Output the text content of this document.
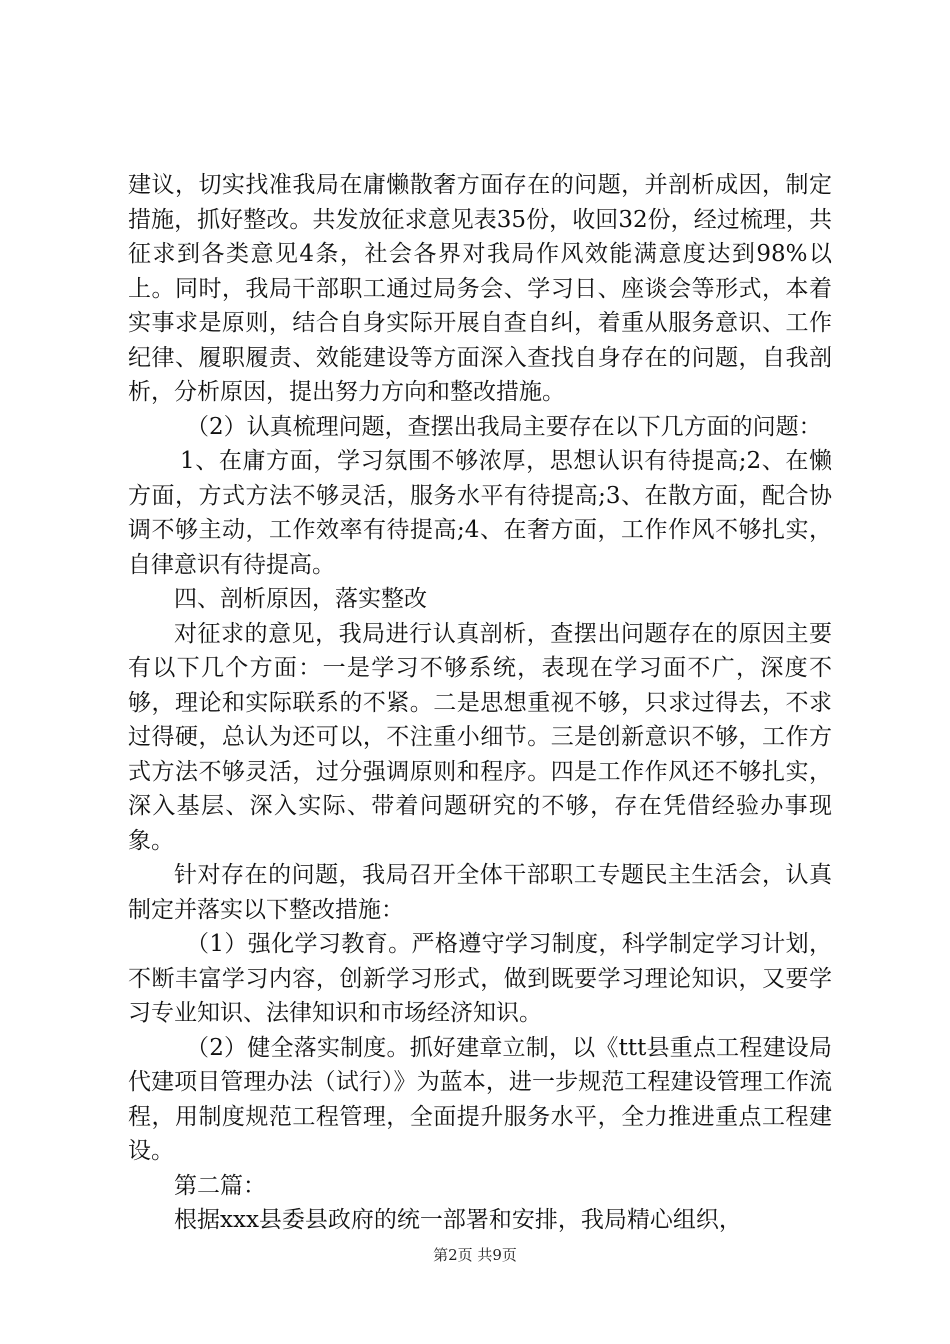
建议，切实找准我局在庸懒散奢方面存在的问题，并剖析成因，制定措施，抓好整改。共发放征求意见表35份，收回32份，经过梳理，共征求到各类意见4条，社会各界对我局作风效能满意度达到98%以上。同时，我局干部职工通过局务会、学习日、座谈会等形式，本着实事求是原则，结合自身实际开展自查自纠，着重从服务意识、工作纪律、履职履责、效能建设等方面深入查找自身存在的问题，自我剖析，分析原因，提出努力方向和整改措施。

（2）认真梳理问题，查摆出我局主要存在以下几方面的问题：

1、在庸方面，学习氛围不够浓厚，思想认识有待提高;2、在懒方面，方式方法不够灵活，服务水平有待提高;3、在散方面，配合协调不够主动，工作效率有待提高;4、在奢方面，工作作风不够扎实，自律意识有待提高。

四、剖析原因，落实整改

对征求的意见，我局进行认真剖析，查摆出问题存在的原因主要有以下几个方面：一是学习不够系统，表现在学习面不广，深度不够，理论和实际联系的不紧。二是思想重视不够，只求过得去，不求过得硬，总认为还可以，不注重小细节。三是创新意识不够，工作方式方法不够灵活，过分强调原则和程序。四是工作作风还不够扎实，深入基层、深入实际、带着问题研究的不够，存在凭借经验办事现象。

针对存在的问题，我局召开全体干部职工专题民主生活会，认真制定并落实以下整改措施：

（1）强化学习教育。严格遵守学习制度，科学制定学习计划，不断丰富学习内容，创新学习形式，做到既要学习理论知识，又要学习专业知识、法律知识和市场经济知识。

（2）健全落实制度。抓好建章立制，以《ttt县重点工程建设局代建项目管理办法（试行）》为蓝本，进一步规范工程建设管理工作流程，用制度规范工程管理，全面提升服务水平，全力推进重点工程建设。

第二篇：

根据xxx县委县政府的统一部署和安排，我局精心组织，

第2页 共9页
